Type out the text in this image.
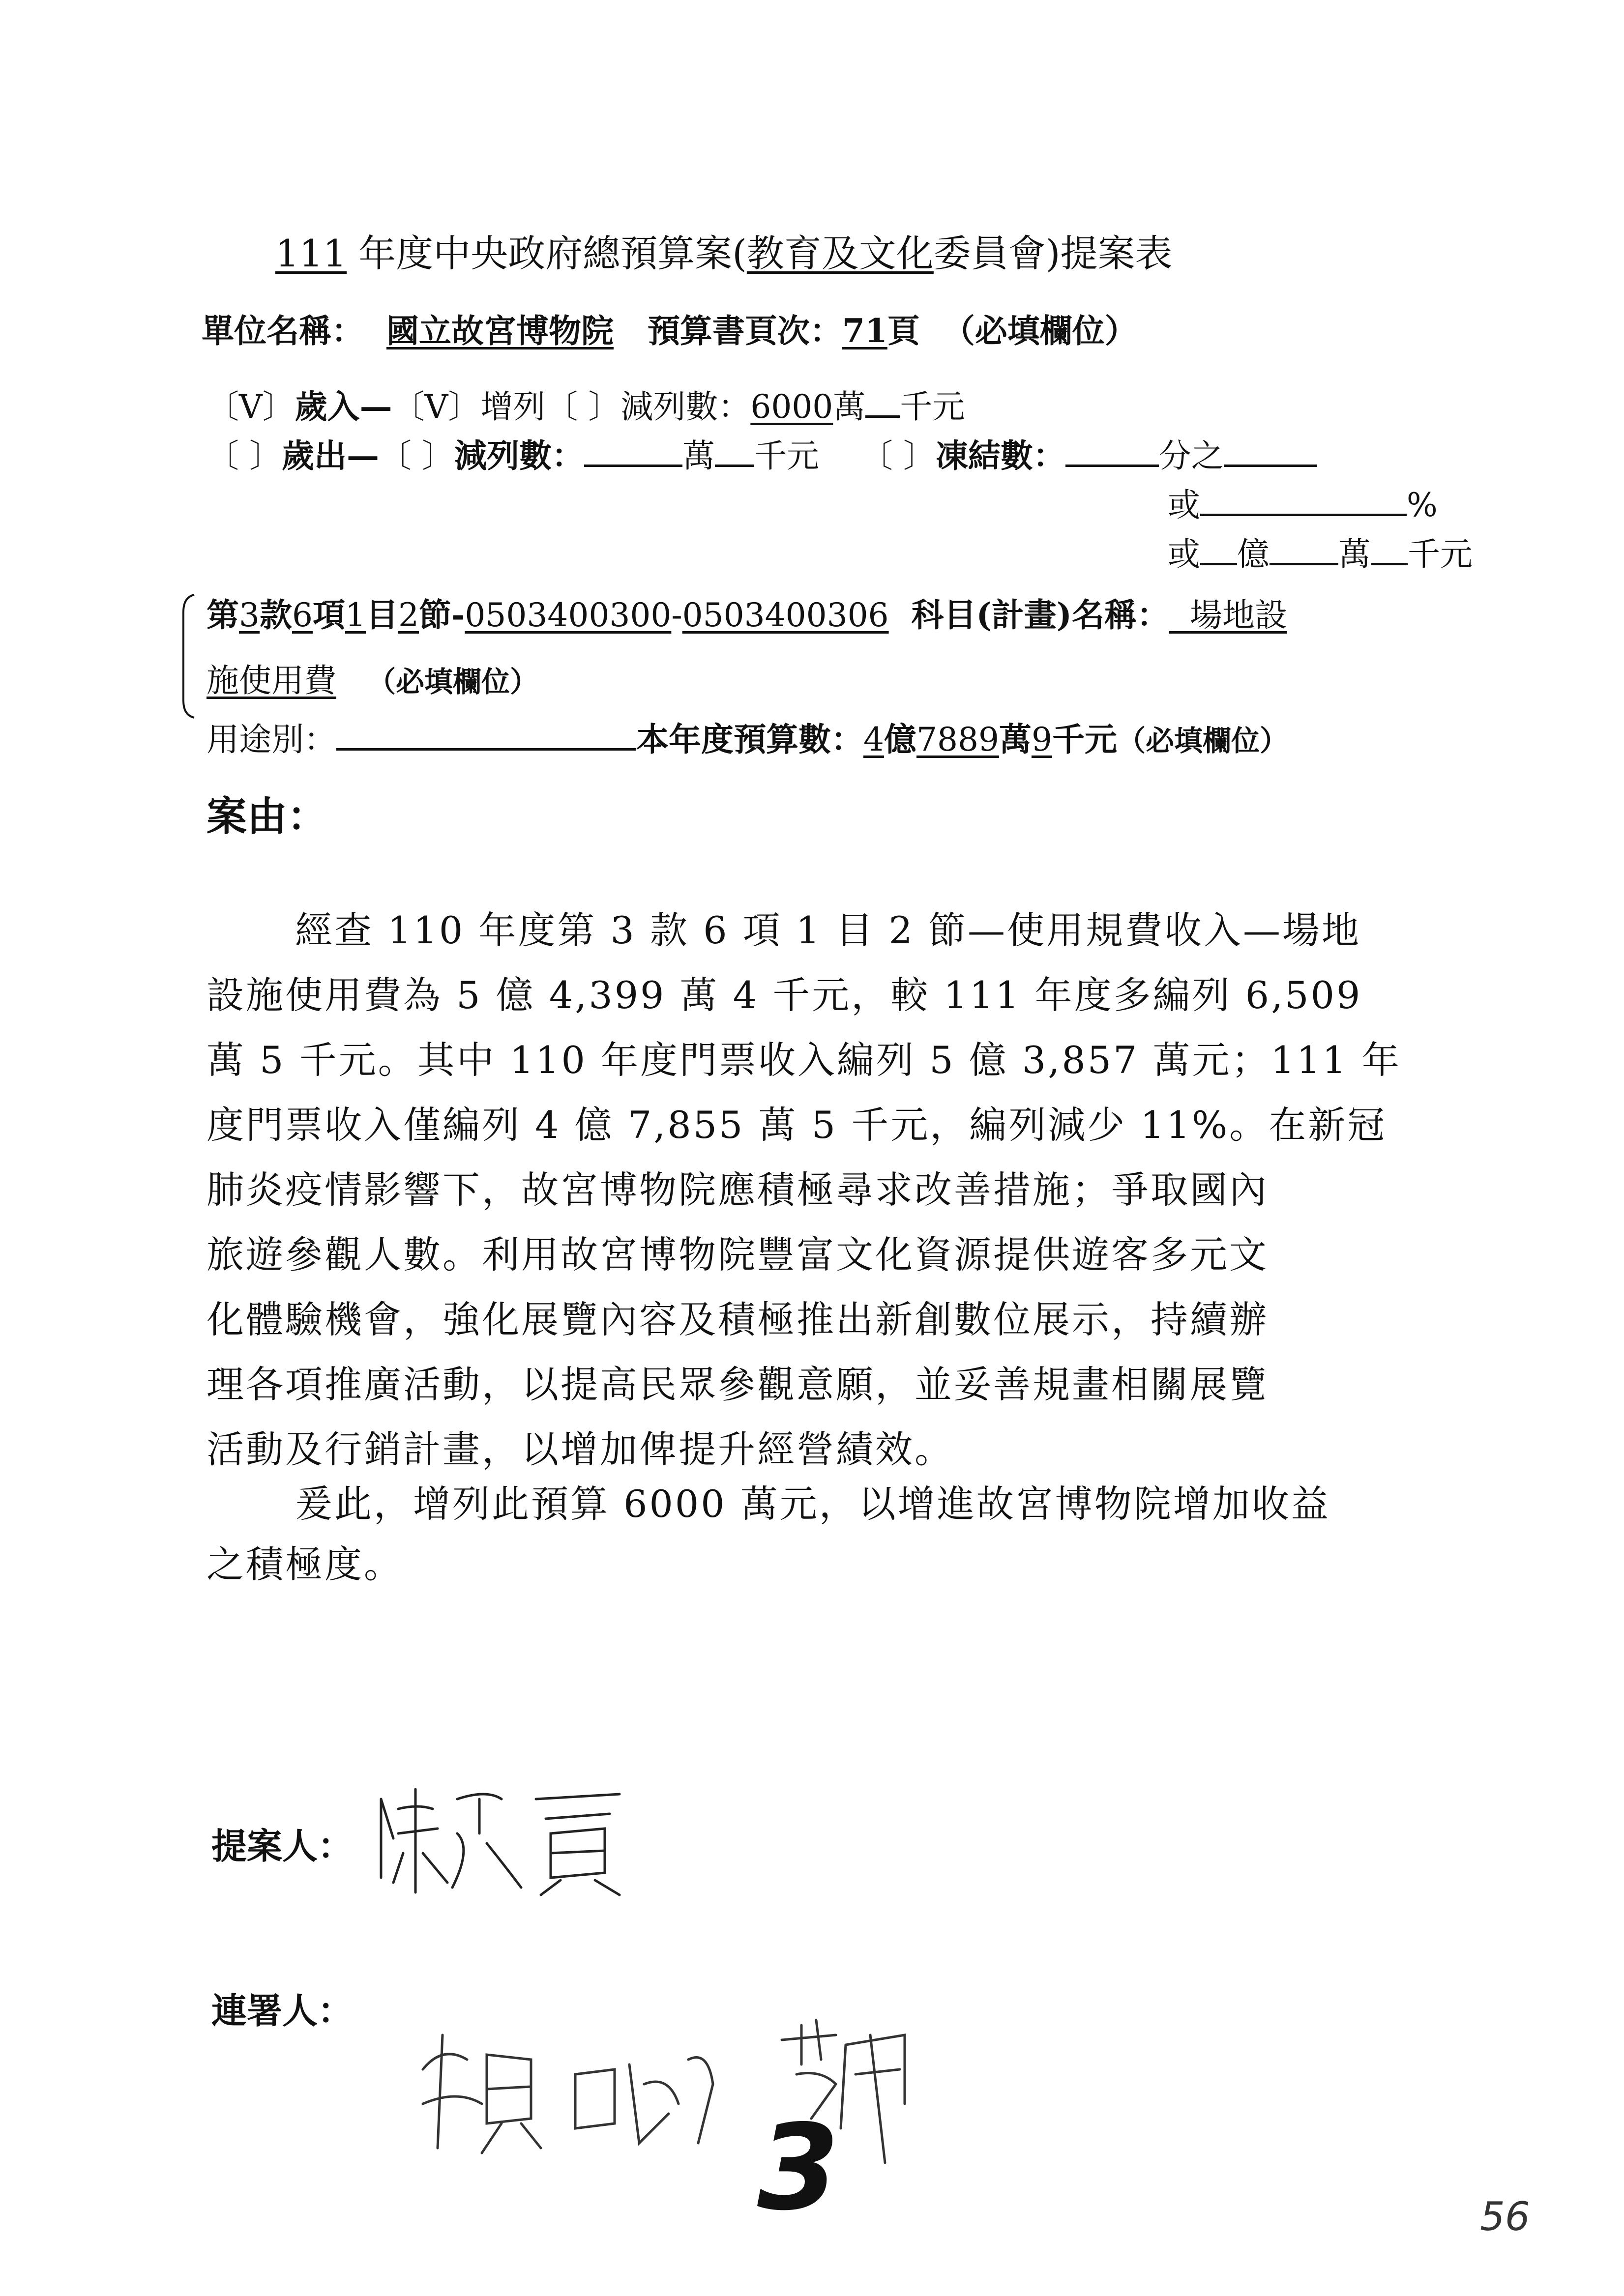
111 年度中央政府總預算案(教育及文化委員會)提案表
單位名稱： 國立故宮博物院 預算書頁次：71頁 （必填欄位）
〔V〕歲入—〔V〕增列〔 〕減列數：6000萬 千元
〔 〕歲出—〔 〕減列數：	萬 千元 〔 〕凍結數：	分之
或	%
或 億 萬 千元
第3款6項1目2節-0503400300-0503400306 科目(計畫)名稱： 場地設
施使用費 （必填欄位）
用途別：	本年度預算數：4億7889萬9千元（必填欄位）
案由：
經查 110 年度第 3 款 6 項 1 目 2 節—使用規費收入—場地
設施使用費為 5 億 4,399 萬 4 千元，較 111 年度多編列 6,509
萬 5 千元。其中 110 年度門票收入編列 5 億 3,857 萬元；111 年
度門票收入僅編列 4 億 7,855 萬 5 千元，編列減少 11%。在新冠
肺炎疫情影響下，故宮博物院應積極尋求改善措施；爭取國內
旅遊參觀人數。利用故宮博物院豐富文化資源提供遊客多元文
化體驗機會，強化展覽內容及積極推出新創數位展示，持續辦
理各項推廣活動，以提高民眾參觀意願，並妥善規畫相關展覽
活動及行銷計畫，以增加俾提升經營績效。
爰此，增列此預算 6000 萬元，以增進故宮博物院增加收益
之積極度。
提案人：
連署人：
3	56
